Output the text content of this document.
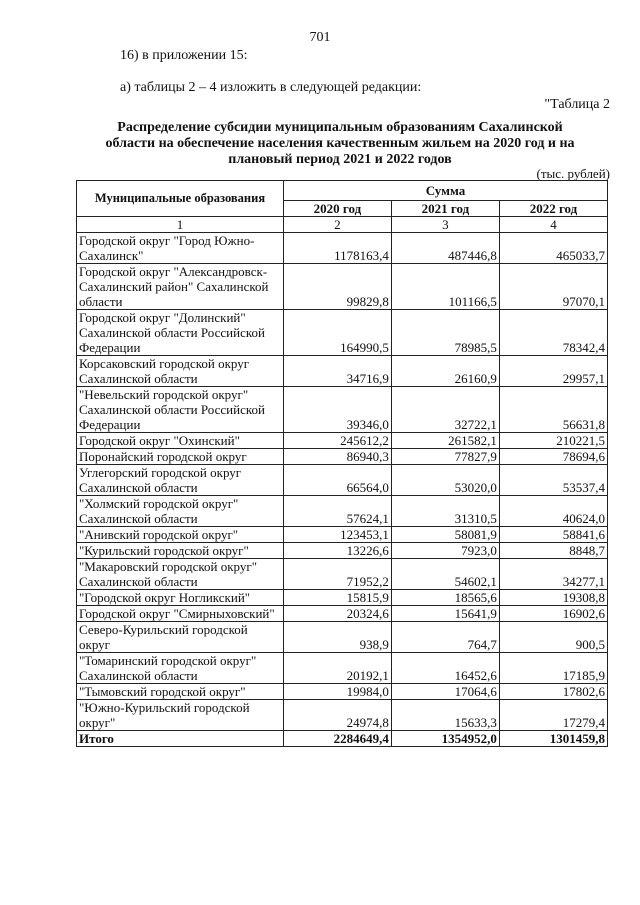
701
16) в приложении 15:
а) таблицы 2 – 4 изложить в следующей редакции:
"Таблица 2
Распределение субсидии муниципальным образованиям Сахалинской области на обеспечение населения качественным жильем на 2020 год и на плановый период 2021 и 2022 годов
(тыс. рублей)
Муниципальные образования	Сумма		
	2020 год	2021 год	2022 год
1	2	3	4
Городской округ "Город Южно-
Сахалинск"	1178163,4	487446,8	465033,7
Городской округ "Александровск-
Сахалинский район" Сахалинской
области	99829,8	101166,5	97070,1
Городской округ "Долинский"
Сахалинской области Российской
Федерации	164990,5	78985,5	78342,4
Корсаковский городской округ
Сахалинской области	34716,9	26160,9	29957,1
"Невельский городской округ"
Сахалинской области Российской
Федерации	39346,0	32722,1	56631,8
Городской округ "Охинский"	245612,2	261582,1	210221,5
Поронайский городской округ	86940,3	77827,9	78694,6
Углегорский городской округ
Сахалинской области	66564,0	53020,0	53537,4
"Холмский городской округ"
Сахалинской области	57624,1	31310,5	40624,0
"Анивский городской округ"	123453,1	58081,9	58841,6
"Курильский городской округ"	13226,6	7923,0	8848,7
"Макаровский городской округ"
Сахалинской области	71952,2	54602,1	34277,1
"Городской округ Ногликский"	15815,9	18565,6	19308,8
Городской округ "Смирныховский"	20324,6	15641,9	16902,6
Северо-Курильский городской
округ	938,9	764,7	900,5
"Томаринский городской округ"
Сахалинской области	20192,1	16452,6	17185,9
"Тымовский городской округ"	19984,0	17064,6	17802,6
"Южно-Курильский городской
округ"	24974,8	15633,3	17279,4
Итого	2284649,4	1354952,0	1301459,8
